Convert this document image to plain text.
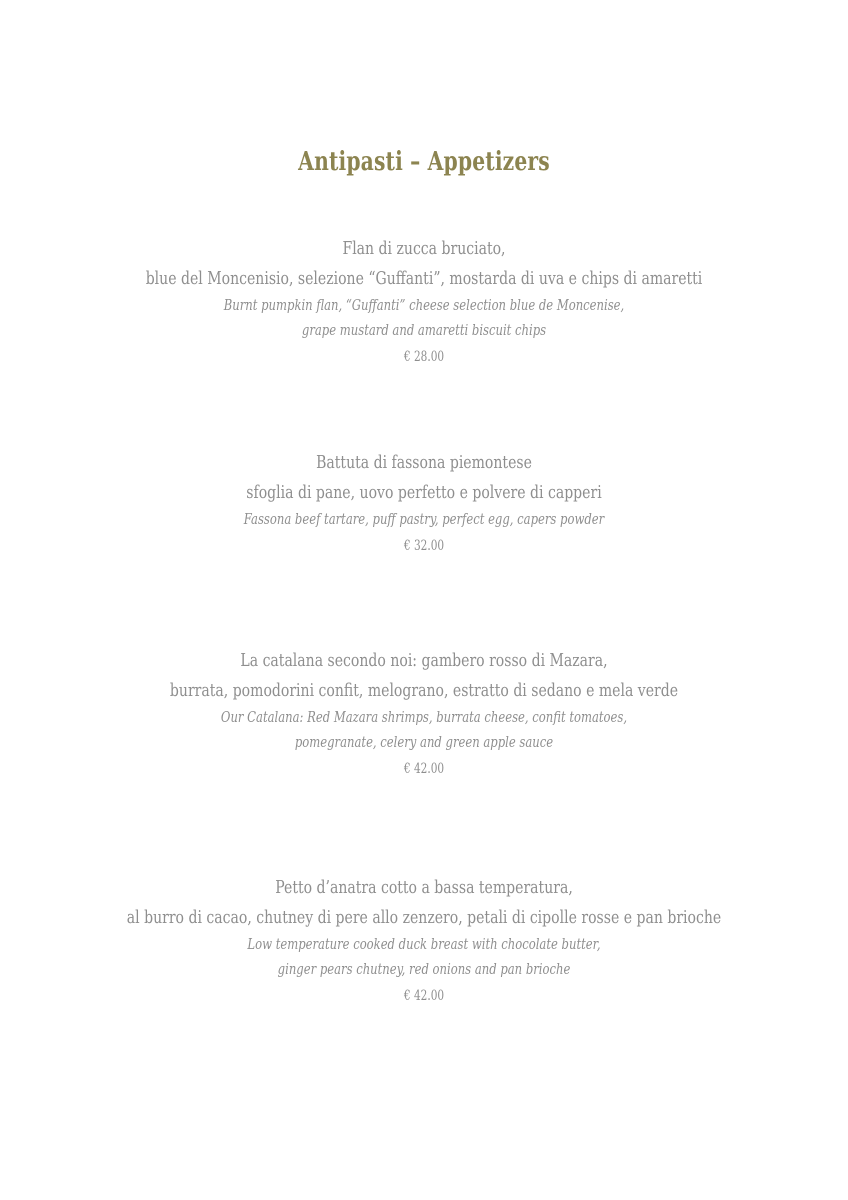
Antipasti – Appetizers

Flan di zucca bruciato,

blue del Moncenisio, selezione “Guffanti”, mostarda di uva e chips di amaretti

Burnt pumpkin flan, “Guffanti” cheese selection blue de Moncenise,

grape mustard and amaretti biscuit chips

€ 28.00

Battuta di fassona piemontese

sfoglia di pane, uovo perfetto e polvere di capperi

Fassona beef tartare, puff pastry, perfect egg, capers powder

€ 32.00

La catalana secondo noi: gambero rosso di Mazara,

burrata, pomodorini confit, melograno, estratto di sedano e mela verde

Our Catalana: Red Mazara shrimps, burrata cheese, confit tomatoes,

pomegranate, celery and green apple sauce

€ 42.00

Petto d’anatra cotto a bassa temperatura,

al burro di cacao, chutney di pere allo zenzero, petali di cipolle rosse e pan brioche

Low temperature cooked duck breast with chocolate butter,

ginger pears chutney, red onions and pan brioche

€ 42.00
